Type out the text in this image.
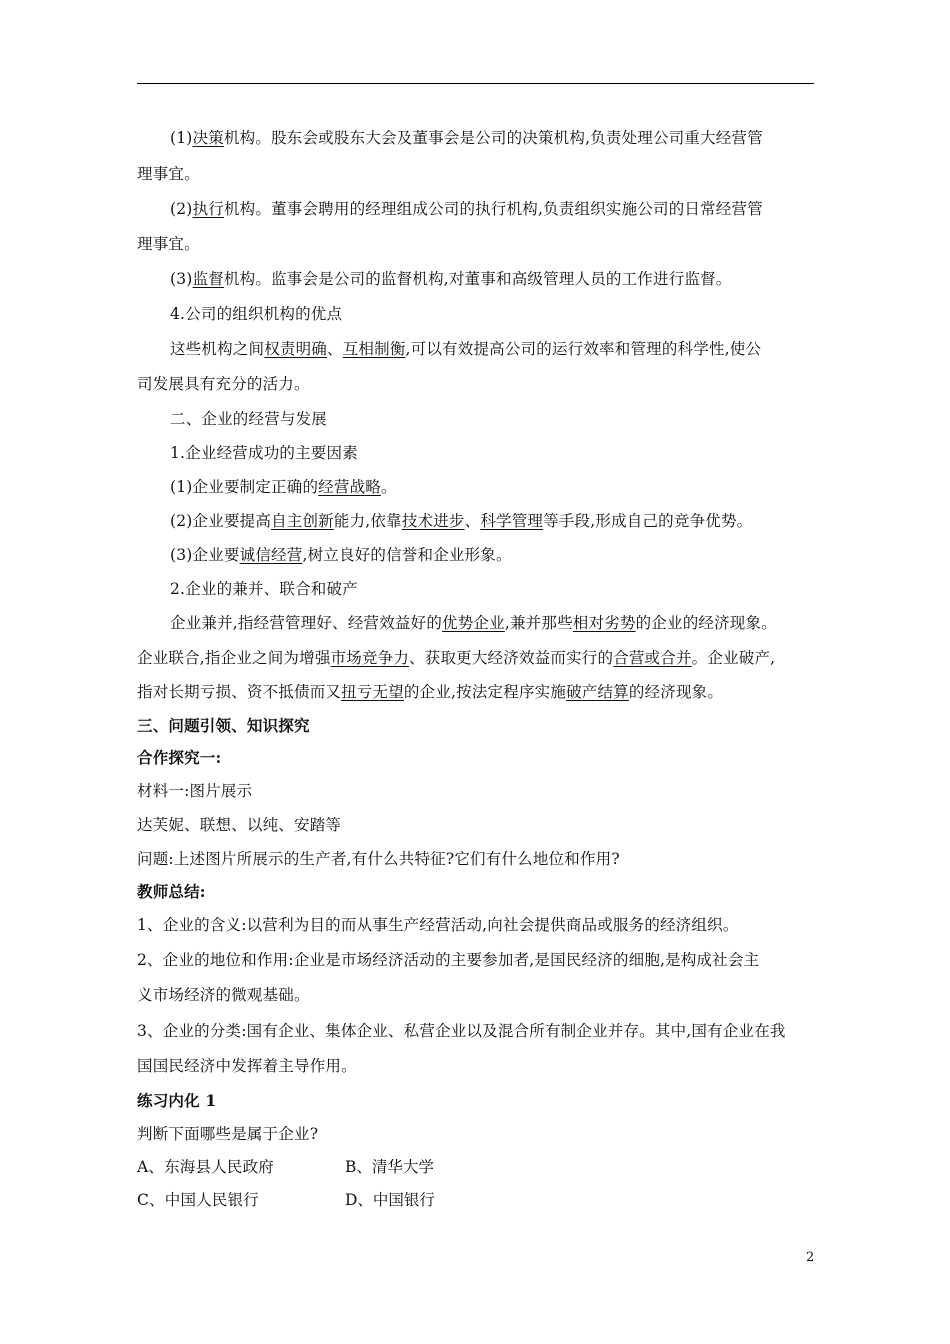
(1)决策机构。股东会或股东大会及董事会是公司的决策机构,负责处理公司重大经营管
理事宜。
(2)执行机构。董事会聘用的经理组成公司的执行机构,负责组织实施公司的日常经营管
理事宜。
(3)监督机构。监事会是公司的监督机构,对董事和高级管理人员的工作进行监督。
4.公司的组织机构的优点
这些机构之间权责明确、互相制衡,可以有效提高公司的运行效率和管理的科学性,使公
司发展具有充分的活力。
二、企业的经营与发展
1.企业经营成功的主要因素
(1)企业要制定正确的经营战略。
(2)企业要提高自主创新能力,依靠技术进步、科学管理等手段,形成自己的竞争优势。
(3)企业要诚信经营,树立良好的信誉和企业形象。
2.企业的兼并、联合和破产
企业兼并,指经营管理好、经营效益好的优势企业,兼并那些相对劣势的企业的经济现象。
企业联合,指企业之间为增强市场竞争力、获取更大经济效益而实行的合营或合并。企业破产,
指对长期亏损、资不抵债而又扭亏无望的企业,按法定程序实施破产结算的经济现象。
三、问题引领、知识探究
合作探究一:
材料一:图片展示
达芙妮、联想、以纯、安踏等
问题:上述图片所展示的生产者,有什么共特征?它们有什么地位和作用?
教师总结:
1、企业的含义:以营利为目的而从事生产经营活动,向社会提供商品或服务的经济组织。
2、企业的地位和作用:企业是市场经济活动的主要参加者,是国民经济的细胞,是构成社会主
义市场经济的微观基础。
3、企业的分类:国有企业、集体企业、私营企业以及混合所有制企业并存。其中,国有企业在我
国国民经济中发挥着主导作用。
练习内化 1
判断下面哪些是属于企业?
A、东海县人民政府	B、清华大学
C、中国人民银行	D、中国银行
2
